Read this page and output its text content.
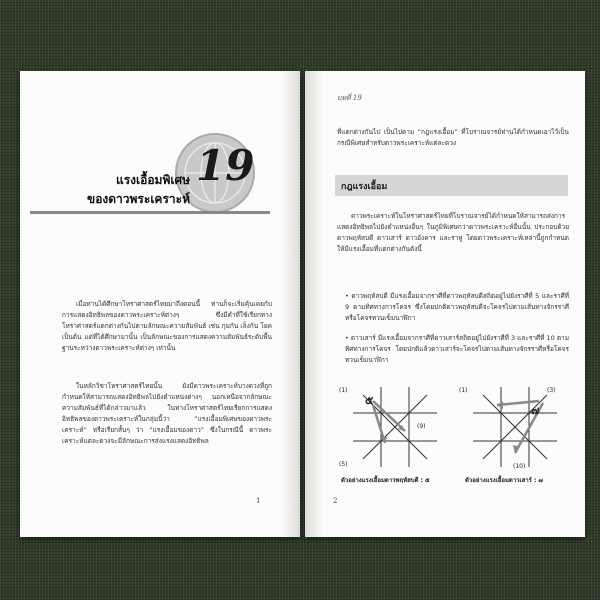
19
แรงเอื้อมพิเศษ
ของดาวพระเคราะห์
เมื่อท่านได้ศึกษาโหราศาสตร์ไทยมาถึงตอนนี้ ท่านก็จะเริ่มคุ้นเคยกับการแสดงอิทธิพลของดาวพระเคราะห์ต่างๆ ซึ่งมีคำที่ใช้เรียกทางโหราศาสตร์แตกต่างกันไปตามลักษณะความสัมพันธ์ เช่น กุมกัน เล็งกัน โยค เป็นต้น แต่ที่ได้ศึกษามานั้น เป็นลักษณะของการแสดงความสัมพันธ์ระดับพื้นฐานระหว่างดาวพระเคราะห์ต่างๆ เท่านั้น
ในหลักวิชาโหราศาสตร์ไทยนั้น ยังมีดาวพระเคราะห์บางดวงที่ถูกกำหนดให้สามารถแสดงอิทธิพลไปยังตำแหน่งต่างๆ นอกเหนือจากลักษณะความสัมพันธ์ที่ได้กล่าวมาแล้ว ในทางโหราศาสตร์ไทยเรียกการแสดงอิทธิพลของดาวพระเคราะห์ในกลุ่มนี้ว่า “แรงเอื้อมพิเศษของดาวพระเคราะห์” หรือเรียกสั้นๆ ว่า “แรงเอื้อมของดาว” ซึ่งในกรณีนี้ ดาวพระเคราะห์แต่ละดวงจะมีลักษณะการส่งแรงแสดงอิทธิพล
1
บทที่ 19
ที่แตกต่างกันไป เป็นไปตาม “กฎแรงเอื้อม” ที่โบราณจารย์ท่านได้กำหนดเอาไว้เป็นกรณีพิเศษสำหรับดาวพระเคราะห์แต่ละดวง
กฎแรงเอื้อม
ดาวพระเคราะห์ในโหราศาสตร์ไทยที่โบราณจารย์ได้กำหนดให้สามารถส่งการแสดงอิทธิพลไปยังตำแหน่งอื่นๆ ในภูมิพิเศษกว่าดาวพระเคราะห์อื่นนั้น ประกอบด้วยดาวพฤหัสบดี ดาวเสาร์ ดาวอังคาร และราหู โดยดาวพระเคราะห์เหล่านี้ถูกกำหนดให้มีแรงเอื้อมที่แตกต่างกันดังนี้
• ดาวพฤหัสบดี มีแรงเอื้อมจากราศีที่ดาวพฤหัสบดีสถิตอยู่ไปยังราศีที่ 5 และราศีที่ 9 ตามทิศทางการโคจร ซึ่งโดยปกติดาวพฤหัสบดีจะโคจรไปตามเส้นทางจักรราศีหรือโคจรทวนเข็มนาฬิกา
• ดาวเสาร์ มีแรงเอื้อมจากราศีที่ดาวเสาร์สถิตอยู่ไปยังราศีที่ 3 และราศีที่ 10 ตามทิศทางการโคจร โดยปกติแล้วดาวเสาร์จะโคจรไปตามเส้นทางจักรราศีหรือโคจรทวนเข็มนาฬิกา
(1)
(9)
(5)
๕
ตัวอย่างแรงเอื้อมดาวพฤหัสบดี : ๕
(1)	(3)
(10)
๗
ตัวอย่างแรงเอื้อมดาวเสาร์ : ๗
2
